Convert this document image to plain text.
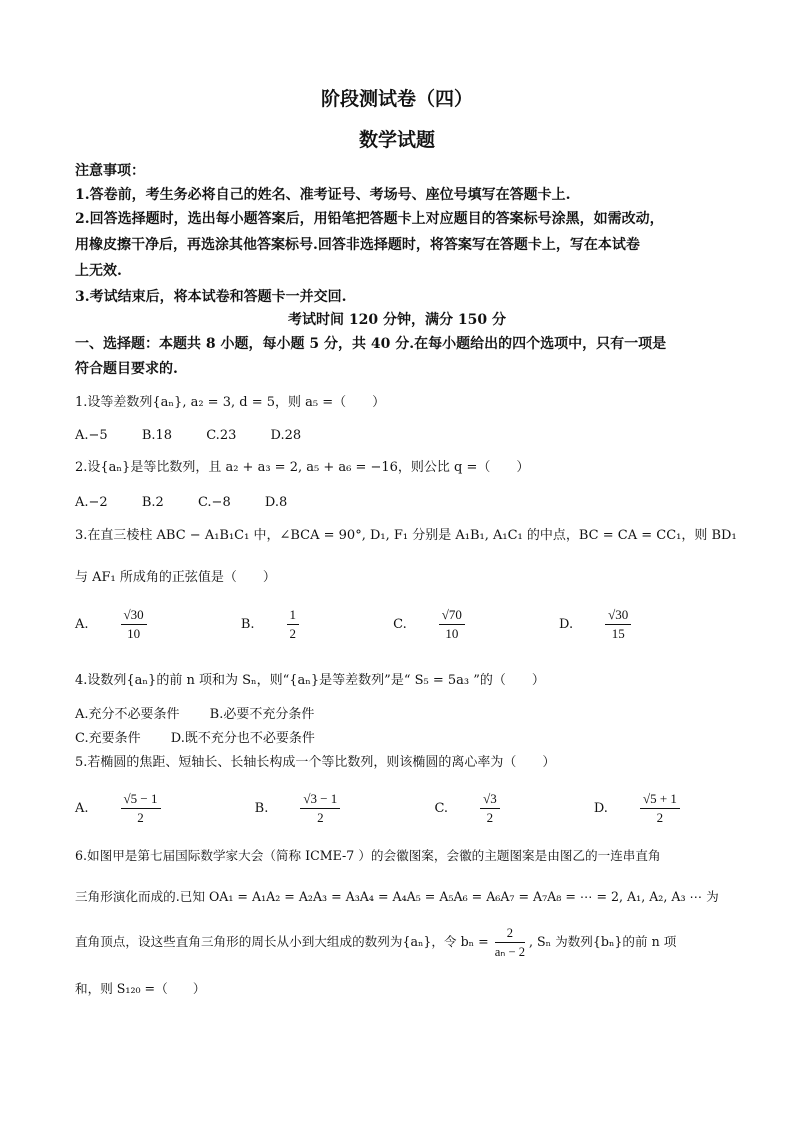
阶段测试卷（四）
数学试题
注意事项：
1.答卷前，考生务必将自己的姓名、准考证号、考场号、座位号填写在答题卡上.
2.回答选择题时，选出每小题答案后，用铅笔把答题卡上对应题目的答案标号涂黑，如需改动，
用橡皮擦干净后，再选涂其他答案标号.回答非选择题时，将答案写在答题卡上，写在本试卷
上无效.
3.考试结束后，将本试卷和答题卡一并交回.
考试时间 120 分钟，满分 150 分
一、选择题：本题共 8 小题，每小题 5 分，共 40 分.在每小题给出的四个选项中，只有一项是
符合题目要求的.
1.设等差数列{aₙ}, a₂ = 3, d = 5，则 a₅ =（　　）
A.−5	B.18	C.23	D.28
2.设{aₙ}是等比数列，且 a₂ + a₃ = 2, a₅ + a₆ = −16，则公比 q =（　　）
A.−2	B.2	C.−8	D.8
3.在直三棱柱 ABC − A₁B₁C₁ 中，∠BCA = 90°, D₁, F₁ 分别是 A₁B₁, A₁C₁ 的中点，BC = CA = CC₁，则 BD₁
与 AF₁ 所成角的正弦值是（　　）
A. $\frac{√30}{10}$	B. $\frac{1}{2}$	C. $\frac{√70}{10}$	D. $\frac{√30}{15}$
4.设数列{aₙ}的前 n 项和为 Sₙ，则“{aₙ}是等差数列”是“ S₅ = 5a₃ ”的（　　）
A.充分不必要条件 B.必要不充分条件
C.充要条件 D.既不充分也不必要条件
5.若椭圆的焦距、短轴长、长轴长构成一个等比数列，则该椭圆的离心率为（　　）
A. $\frac{√5 - 1}{2}$	B. $\frac{√3 - 1}{2}$	C. $\frac{√3}{2}$	D. $\frac{√5 + 1}{2}$
6.如图甲是第七届国际数学家大会（简称 ICME-7 ）的会徽图案，会徽的主题图案是由图乙的一连串直角
三角形演化而成的.已知 OA₁ = A₁A₂ = A₂A₃ = A₃A₄ = A₄A₅ = A₅A₆ = A₆A₇ = A₇A₈ = ⋯ = 2, A₁, A₂, A₃ ⋯ 为
直角顶点，设这些直角三角形的周长从小到大组成的数列为{aₙ}，令 $b_n = \frac{2}{\text{aₙ − 2}}$ , Sₙ 为数列{bₙ}的前 n 项
和，则 S₁₂₀ =（　　）
